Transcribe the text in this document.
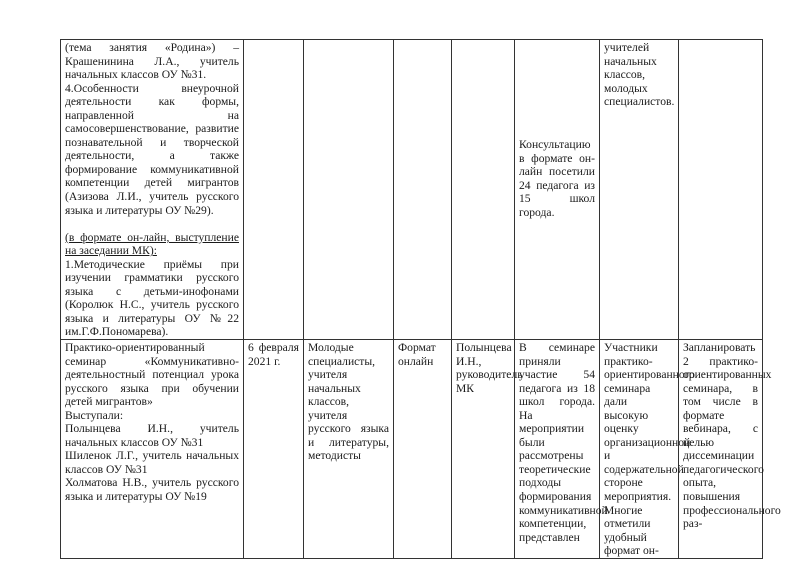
(тема занятия «Родина») – Крашенинина Л.А., учитель начальных классов ОУ №31.
4.Особенности внеурочной деятельности как формы, направленной на самосовершенствование, развитие познавательной и творческой деятельности, а также формирование коммуникативной компетенции детей мигрантов (Азизова Л.И., учитель русского языка и литературы ОУ №29).
(в формате он-лайн, выступление на заседании МК):
1.Методические приёмы при изучении грамматики русского языка с детьми-инофонами (Королюк Н.С., учитель русского языка и литературы ОУ №22 им.Г.Ф.Пономарева).					Консультацию в формате он-лайн посетили 24 педагога из 15 школ города.	учителей начальных классов, молодых специалистов.	

Практико-ориентированный семинар «Коммуникативно-деятельностный потенциал урока русского языка при обучении детей мигрантов»
Выступали:
Полынцева И.Н., учитель начальных классов ОУ №31
Шиленок Л.Г., учитель начальных классов ОУ №31
Холматова Н.В., учитель русского языка и литературы ОУ №19	6 февраля 2021 г.	Молодые специалисты, учителя начальных классов, учителя русского языка и литературы, методисты	Формат онлайн	Полынцева И.Н., руководитель МК	В семинаре приняли участие 54 педагога из 18 школ города. На мероприятии были рассмотрены теоретические подходы формирования коммуникативной компетенции, представлен	Участники практико-ориентированного семинара дали высокую оценку организационной и содержательной стороне мероприятия. Многие отметили удобный формат он-	Запланировать 2 практико-ориентированных семинара, в том числе в формате вебинара, с целью диссеминации педагогического опыта, повышения профессионального раз-
